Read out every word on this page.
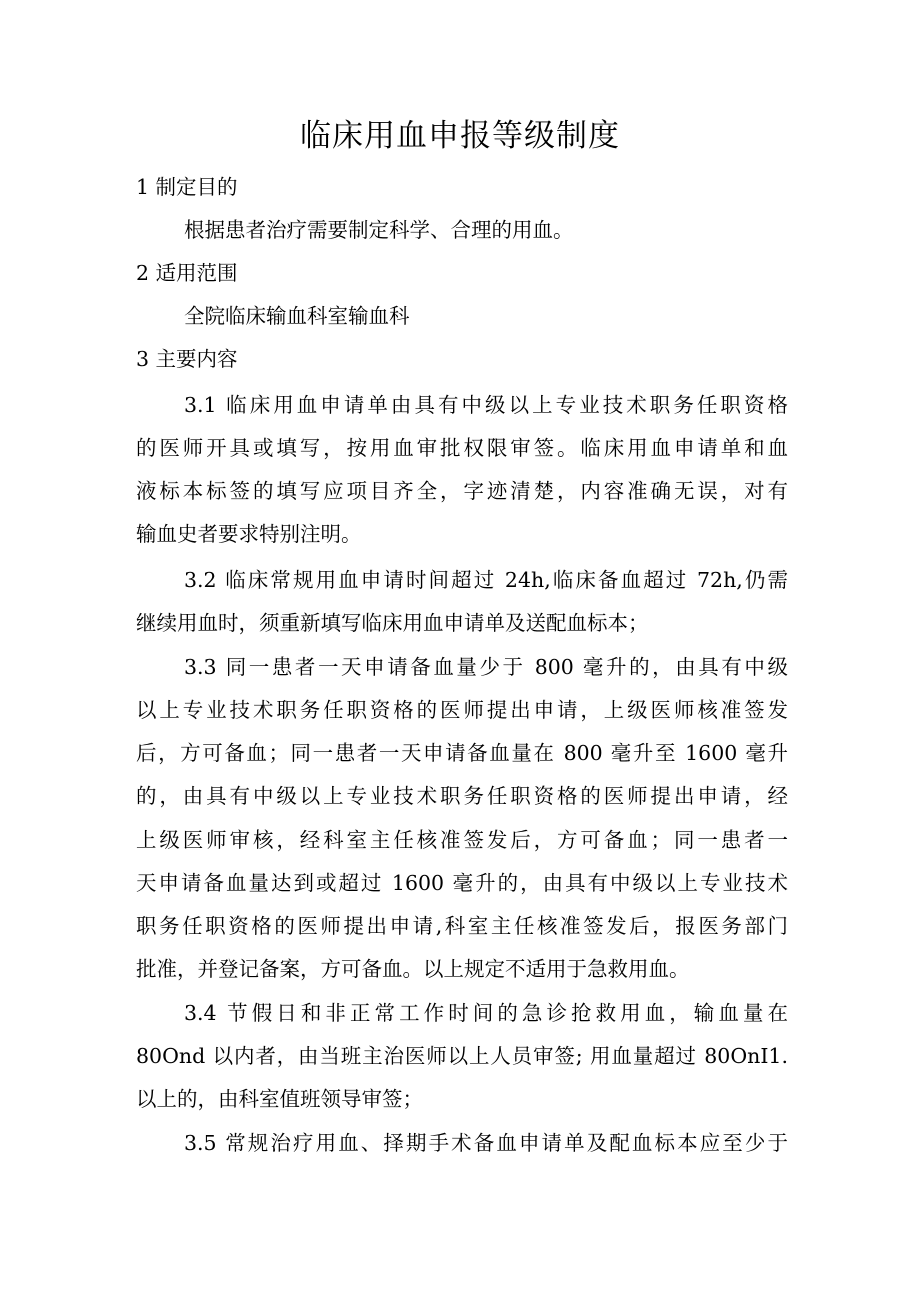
临床用血申报等级制度
1 制定目的
根据患者治疗需要制定科学、合理的用血。
2 适用范围
全院临床输血科室输血科
3 主要内容
3.1 临床用血申请单由具有中级以上专业技术职务任职资格
的医师开具或填写，按用血审批权限审签。临床用血申请单和血
液标本标签的填写应项目齐全，字迹清楚，内容准确无误，对有
输血史者要求特别注明。
3.2 临床常规用血申请时间超过 24h,临床备血超过 72h,仍需
继续用血时，须重新填写临床用血申请单及送配血标本；
3.3 同一患者一天申请备血量少于 800 毫升的，由具有中级
以上专业技术职务任职资格的医师提出申请，上级医师核准签发
后，方可备血；同一患者一天申请备血量在 800 毫升至 1600 毫升
的，由具有中级以上专业技术职务任职资格的医师提出申请，经
上级医师审核，经科室主任核准签发后，方可备血；同一患者一
天申请备血量达到或超过 1600 毫升的，由具有中级以上专业技术
职务任职资格的医师提出申请,科室主任核准签发后，报医务部门
批准，并登记备案，方可备血。以上规定不适用于急救用血。
3.4 节假日和非正常工作时间的急诊抢救用血，输血量在
80Ond 以内者，由当班主治医师以上人员审签; 用血量超过 80OnI1.
以上的，由科室值班领导审签；
3.5 常规治疗用血、择期手术备血申请单及配血标本应至少于
